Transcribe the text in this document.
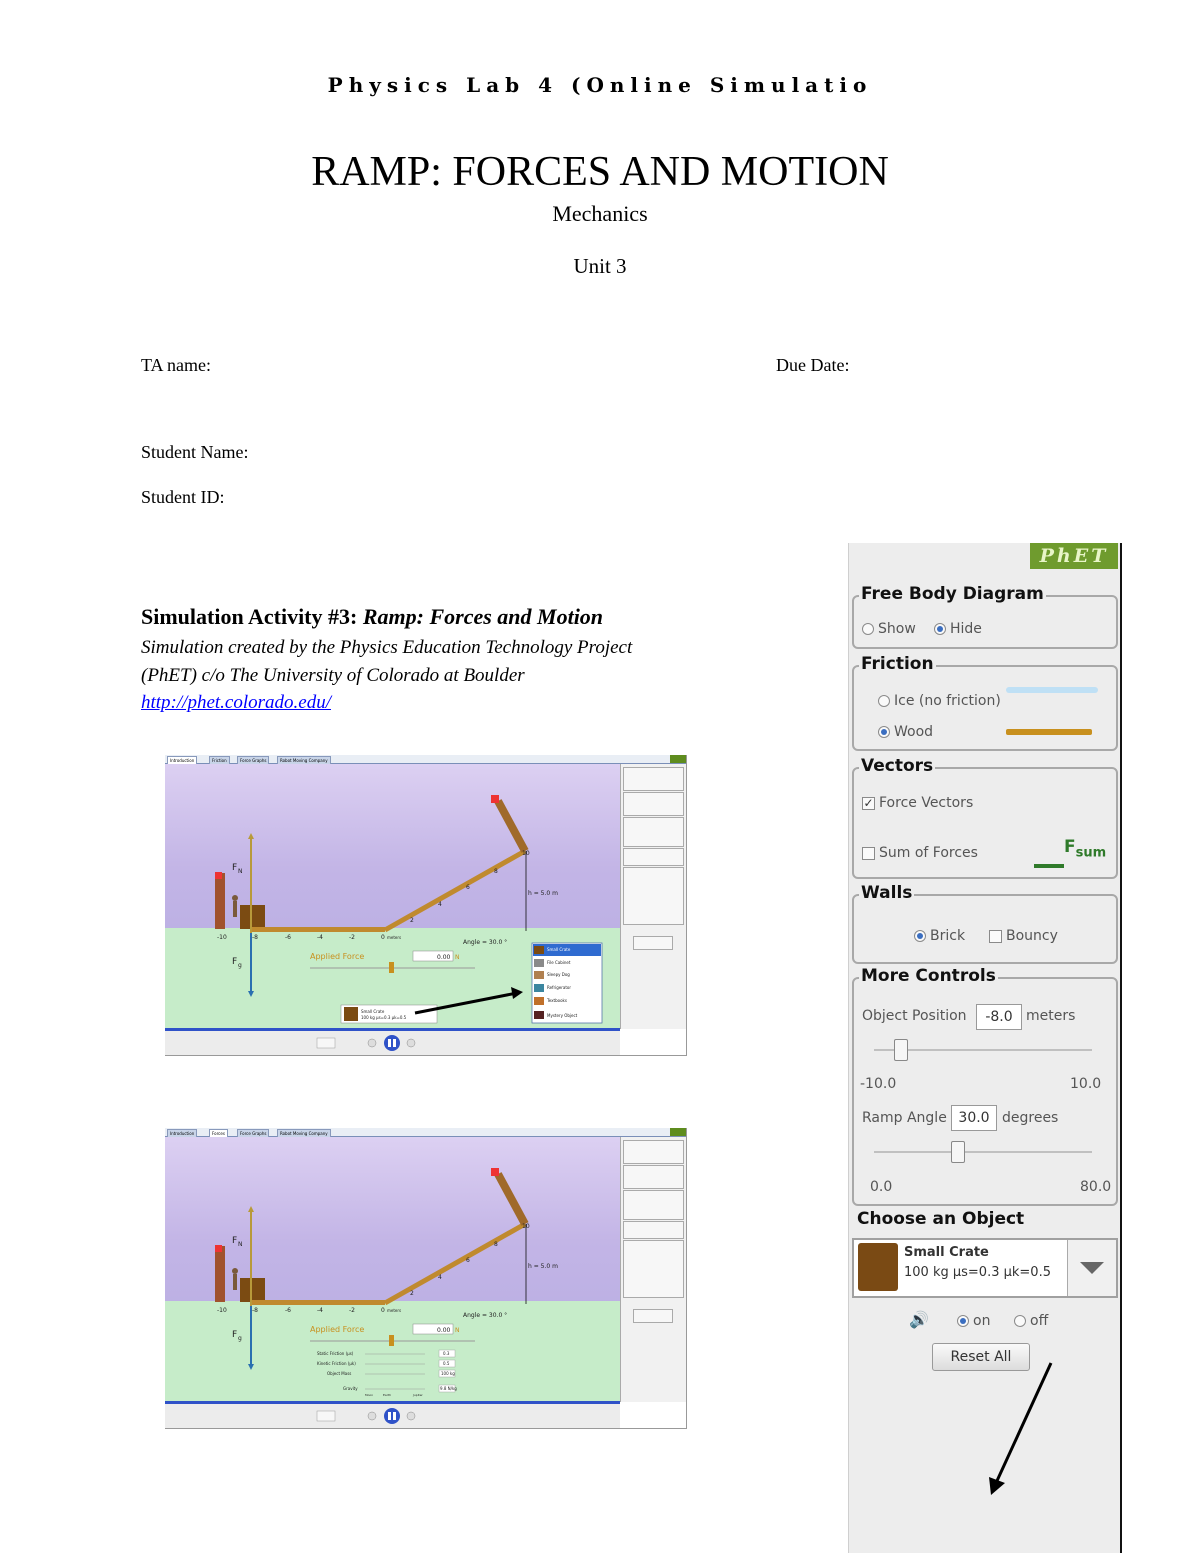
Physics Lab 4 (Online Simulatio
RAMP: FORCES AND MOTION
Mechanics
Unit 3
TA name:	Due Date:
Student Name:
Student ID:
Simulation Activity #3: Ramp: Forces and Motion
Simulation created by the Physics Education Technology Project
(PhET) c/o The University of Colorado at Boulder
http://phet.colorado.edu/
Introduction	Friction	Force Graphs	Robot Moving Company
h = 5.0 m
F N
F g
-10	-8	-6	-4	-2	0 meters
2
4
6
8
10
Angle = 30.0 °
Applied Force	0.00 N
Small Crate
100 kg μs=0.3 μk=0.5
Small Crate
File Cabinet
Sleepy Dog
Refrigerator
Textbooks
Mystery Object
Introduction	Forces	Force Graphs	Robot Moving Company
h = 5.0 m
F N
F g
-10	-8	-6	-4	-2	0 meters
2
4
6
8
10
Angle = 30.0 °
Applied Force	0.00 N
Static Friction (μs)	0.3
Kinetic Friction (μk)	0.5
Object Mass	100 kg
Gravity	9.8 N/kg
Moon	Earth	Jupiter
PhET
Free Body Diagram
Show Hide
Friction
Ice (no friction)
Wood
Vectors
✓ Force Vectors
Sum of Forces	$F_{sum}$
Walls
Brick	Bouncy
More Controls
Object Position	-8.0 meters
-10.0	10.0
Ramp Angle 30.0 degrees
0.0	80.0
Choose an Object
Small Crate
100 kg μs=0.3 μk=0.5
🔊	on	off
Reset All
